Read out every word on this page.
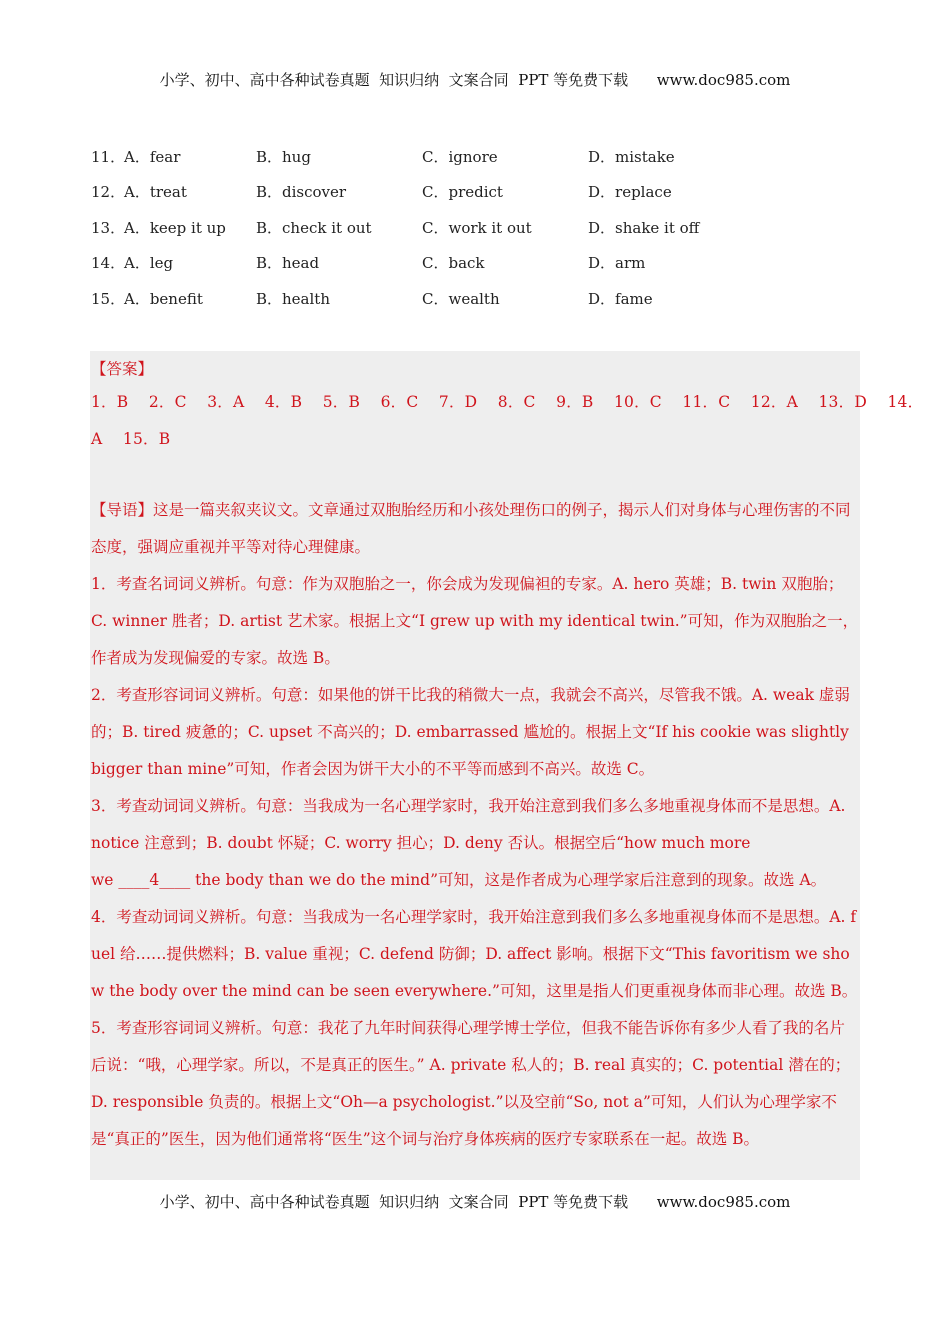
小学、初中、高中各种试卷真题  知识归纳  文案合同  PPT 等免费下载      www.doc985.com
11．
A．fear	B．hug	C．ignore	D．mistake
12．
A．treat	B．discover	C．predict	D．replace
13．
A．keep it up B．check it out	C．work it out	D．shake it off
14．
A．leg	B．head	C．back	D．arm
15．
A．benefit	B．health	C．wealth	D．fame
【答案】
1．B    2．C    3．A    4．B    5．B    6．C    7．D    8．C    9．B    10．C    11．C    12．A    13．D    14．
A    15．B

【导语】这是一篇夹叙夹议文。文章通过双胞胎经历和小孩处理伤口的例子，揭示人们对身体与心理伤害的不同态度，强调应重视并平等对待心理健康。

1．考查名词词义辨析。句意：作为双胞胎之一，你会成为发现偏袒的专家。A. hero 英雄；B. twin 双胞胎；C. winner 胜者；D. artist 艺术家。根据上文“I grew up with my identical twin.”可知，作为双胞胎之一，作者成为发现偏爱的专家。故选 B。

2．考查形容词词义辨析。句意：如果他的饼干比我的稍微大一点，我就会不高兴，尽管我不饿。A. weak 虚弱的；B. tired 疲惫的；C. upset 不高兴的；D. embarrassed 尴尬的。根据上文“If his cookie was slightly bigger than mine”可知，作者会因为饼干大小的不平等而感到不高兴。故选 C。

3．考查动词词义辨析。句意：当我成为一名心理学家时，我开始注意到我们多么多地重视身体而不是思想。A. notice 注意到；B. doubt 怀疑；C. worry 担心；D. deny 否认。根据空后“how much more
we ____4____ the body than we do the mind”可知，这是作者成为心理学家后注意到的现象。故选 A。

4．考查动词词义辨析。句意：当我成为一名心理学家时，我开始注意到我们多么多地重视身体而不是思想。A. fuel 给……提供燃料；B. value 重视；C. defend 防御；D. affect 影响。根据下文“This favoritism we show the body over the mind can be seen everywhere.”可知，这里是指人们更重视身体而非心理。故选 B。

5．考查形容词词义辨析。句意：我花了九年时间获得心理学博士学位，但我不能告诉你有多少人看了我的名片后说：“哦，心理学家。所以，不是真正的医生。” A. private 私人的；B. real 真实的；C. potential 潜在的；D. responsible 负责的。根据上文“Oh—a psychologist.”以及空前“So, not a”可知，人们认为心理学家不是“真正的”医生，因为他们通常将“医生”这个词与治疗身体疾病的医疗专家联系在一起。故选 B。

小学、初中、高中各种试卷真题  知识归纳  文案合同  PPT 等免费下载      www.doc985.com
